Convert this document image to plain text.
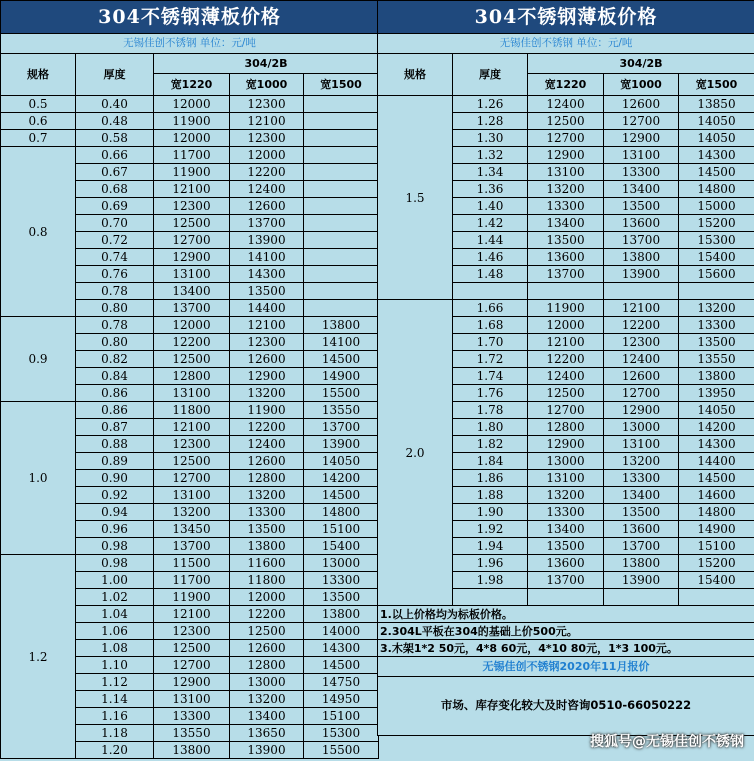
304不锈钢薄板价格				
无锡佳创不锈钢 单位：元/吨				
规格	厚度	304/2B		
		宽1220	宽1000	宽1500
0.5	0.40	12000	12300	
0.6	0.48	11900	12100	
0.7	0.58	12000	12300	
0.8	0.66	11700	12000	
	0.67	11900	12200	
	0.68	12100	12400	
	0.69	12300	12600	
	0.70	12500	13700	
	0.72	12700	13900	
	0.74	12900	14100	
	0.76	13100	14300	
	0.78	13400	13500	
	0.80	13700	14400	
0.9	0.78	12000	12100	13800
	0.80	12200	12300	14100
	0.82	12500	12600	14500
	0.84	12800	12900	14900
	0.86	13100	13200	15500
1.0	0.86	11800	11900	13550
	0.87	12100	12200	13700
	0.88	12300	12400	13900
	0.89	12500	12600	14050
	0.90	12700	12800	14200
	0.92	13100	13200	14500
	0.94	13200	13300	14800
	0.96	13450	13500	15100
	0.98	13700	13800	15400
1.2	0.98	11500	11600	13000
	1.00	11700	11800	13300
	1.02	11900	12000	13500
	1.04	12100	12200	13800
	1.06	12300	12500	14000
	1.08	12500	12600	14300
	1.10	12700	12800	14500
	1.12	12900	13000	14750
	1.14	13100	13200	14950
	1.16	13300	13400	15100
	1.18	13550	13650	15300
	1.20	13800	13900	15500
304不锈钢薄板价格				
无锡佳创不锈钢 单位：元/吨				
规格	厚度	304/2B		
		宽1220	宽1000	宽1500
1.5	1.26	12400	12600	13850
	1.28	12500	12700	14050
	1.30	12700	12900	14050
	1.32	12900	13100	14300
	1.34	13100	13300	14500
	1.36	13200	13400	14800
	1.40	13300	13500	15000
	1.42	13400	13600	15200
	1.44	13500	13700	15300
	1.46	13600	13800	15400
	1.48	13700	13900	15600

2.0	1.66	11900	12100	13200
	1.68	12000	12200	13300
	1.70	12100	12300	13500
	1.72	12200	12400	13550
	1.74	12400	12600	13800
	1.76	12500	12700	13950
	1.78	12700	12900	14050
	1.80	12800	13000	14200
	1.82	12900	13100	14300
	1.84	13000	13200	14400
	1.86	13100	13300	14500
	1.88	13200	13400	14600
	1.90	13300	13500	14800
	1.92	13400	13600	14900
	1.94	13500	13700	15100
	1.96	13600	13800	15200
	1.98	13700	13900	15400

1.以上价格均为标板价格。				
2.304L平板在304的基础上价500元。				
3.木架1*2 50元，4*8 60元，4*10 80元，1*3 100元。				
无锡佳创不锈钢2020年11月报价				
市场、库存变化较大及时咨询0510-66050222				
搜狐号@无锡佳创不锈钢
